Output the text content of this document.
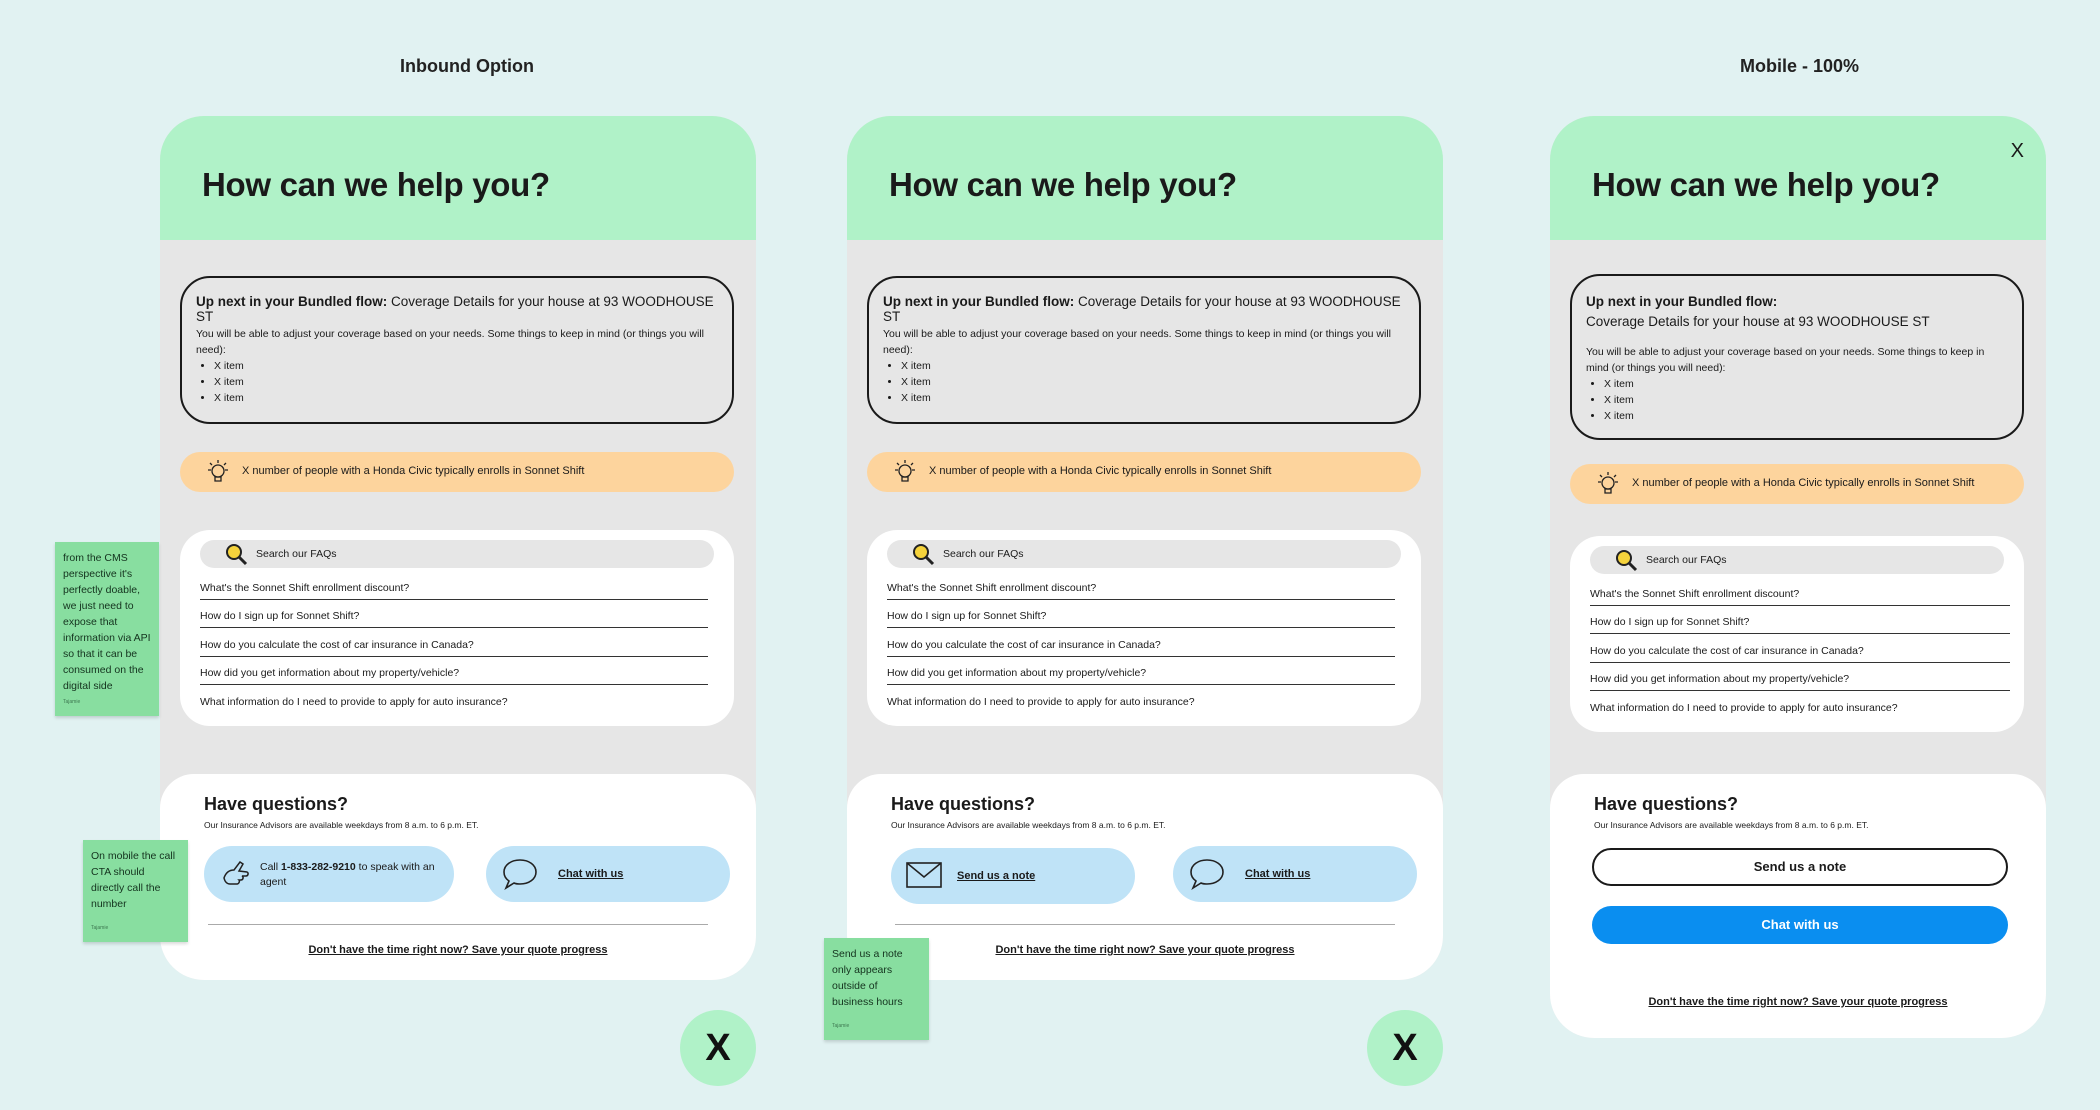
Inbound Option	Mobile - 100%
How can we help you?
Up next in your Bundled flow: Coverage Details for your house at 93 WOODHOUSE ST
You will be able to adjust your coverage based on your needs. Some things to keep in mind (or things you will need):
• X item
• X item
• X item
X number of people with a Honda Civic typically enrolls in Sonnet Shift
Search our FAQs
What's the Sonnet Shift enrollment discount?
How do I sign up for Sonnet Shift?
How do you calculate the cost of car insurance in Canada?
How did you get information about my property/vehicle?
What information do I need to provide to apply for auto insurance?
Have questions?
Our Insurance Advisors are available weekdays from 8 a.m. to 6 p.m. ET.
Call 1-833-282-9210 to speak with an agent
Chat with us
Don't have the time right now? Save your quote progress
How can we help you?
Up next in your Bundled flow: Coverage Details for your house at 93 WOODHOUSE ST
You will be able to adjust your coverage based on your needs. Some things to keep in mind (or things you will need):
• X item
• X item
• X item
X number of people with a Honda Civic typically enrolls in Sonnet Shift
Search our FAQs
What's the Sonnet Shift enrollment discount?
How do I sign up for Sonnet Shift?
How do you calculate the cost of car insurance in Canada?
How did you get information about my property/vehicle?
What information do I need to provide to apply for auto insurance?
Have questions?
Our Insurance Advisors are available weekdays from 8 a.m. to 6 p.m. ET.
Send us a note	Chat with us
Don't have the time right now? Save your quote progress
How can we help you?
X
Up next in your Bundled flow:
Coverage Details for your house at 93 WOODHOUSE ST
You will be able to adjust your coverage based on your needs. Some things to keep in mind (or things you will need):
• X item
• X item
• X item
X number of people with a Honda Civic typically enrolls in Sonnet Shift
Search our FAQs
What's the Sonnet Shift enrollment discount?
How do I sign up for Sonnet Shift?
How do you calculate the cost of car insurance in Canada?
How did you get information about my property/vehicle?
What information do I need to provide to apply for auto insurance?
Have questions?
Our Insurance Advisors are available weekdays from 8 a.m. to 6 p.m. ET.
Send us a note
Chat with us
Don't have the time right now? Save your quote progress
from the CMS perspective it's perfectly doable, we just need to expose that information via API so that it can be consumed on the digital side
Tajamie
On mobile the call CTA should directly call the number
Tajamie
Send us a note only appears outside of business hours
Tajamie
X	X
